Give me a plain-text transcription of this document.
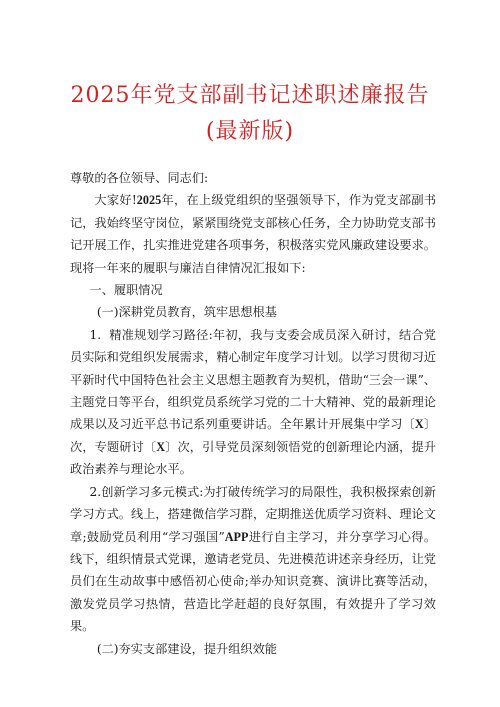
2025年党支部副书记述职述廉报告
(最新版)

尊敬的各位领导、同志们:

大家好!2025年，在上级党组织的坚强领导下，作为党支部副书记，我始终坚守岗位，紧紧围绕党支部核心任务，全力协助党支部书记开展工作，扎实推进党建各项事务，积极落实党风廉政建设要求。现将一年来的履职与廉洁自律情况汇报如下:

一、履职情况

(一)深耕党员教育，筑牢思想根基

1. 精准规划学习路径:年初，我与支委会成员深入研讨，结合党员实际和党组织发展需求，精心制定年度学习计划。以学习贯彻习近平新时代中国特色社会主义思想主题教育为契机，借助“三会一课”、主题党日等平台，组织党员系统学习党的二十大精神、党的最新理论成果以及习近平总书记系列重要讲话。全年累计开展集中学习〔X〕次，专题研讨〔X〕次，引导党员深刻领悟党的创新理论内涵，提升政治素养与理论水平。

2.创新学习多元模式:为打破传统学习的局限性，我积极探索创新学习方式。线上，搭建微信学习群，定期推送优质学习资料、理论文章;鼓励党员利用“学习强国”APP进行自主学习，并分享学习心得。线下，组织情景式党课，邀请老党员、先进模范讲述亲身经历，让党员们在生动故事中感悟初心使命;举办知识竞赛、演讲比赛等活动，激发党员学习热情，营造比学赶超的良好氛围，有效提升了学习效果。

(二)夯实支部建设，提升组织效能
